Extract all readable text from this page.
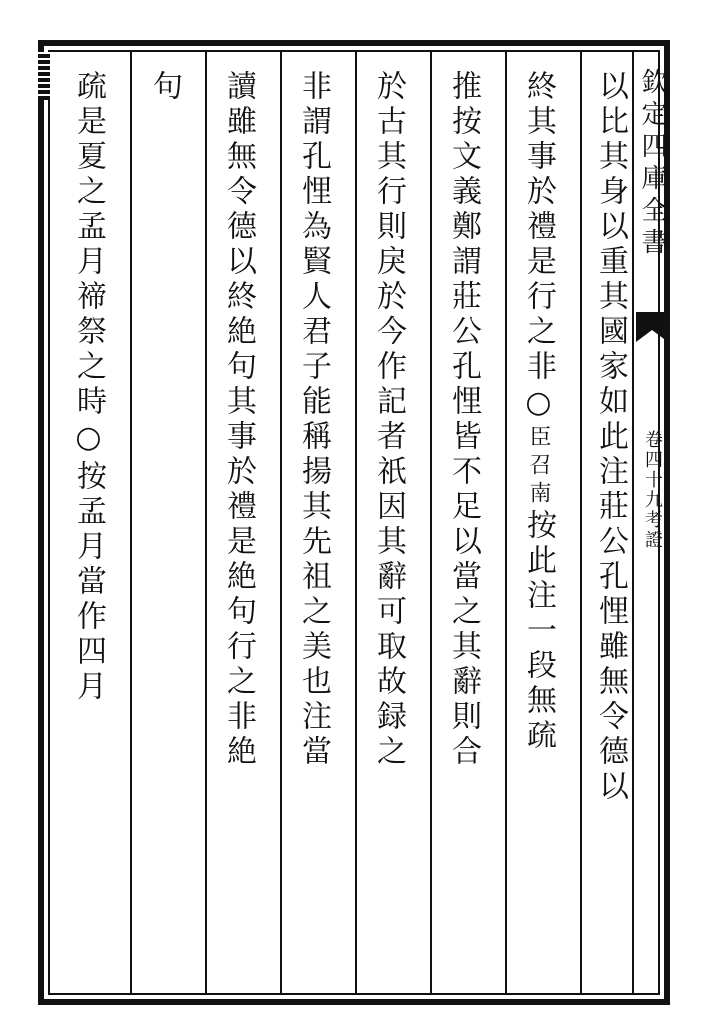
以比其身以重其國家如此注莊公孔悝雖無令德以
終其事於禮是行之非○臣召南按此注一段無疏
推按文義鄭謂莊公孔悝皆不足以當之其辭則合
於古其行則戾於今作記者祇因其辭可取故録之
非謂孔悝為賢人君子能稱揚其先祖之美也注當
讀雖無令德以終絶句其事於禮是絶句行之非絶
句
疏是夏之孟月禘祭之時○按孟月當作四月	欽定四庫全書
卷四十九考證
